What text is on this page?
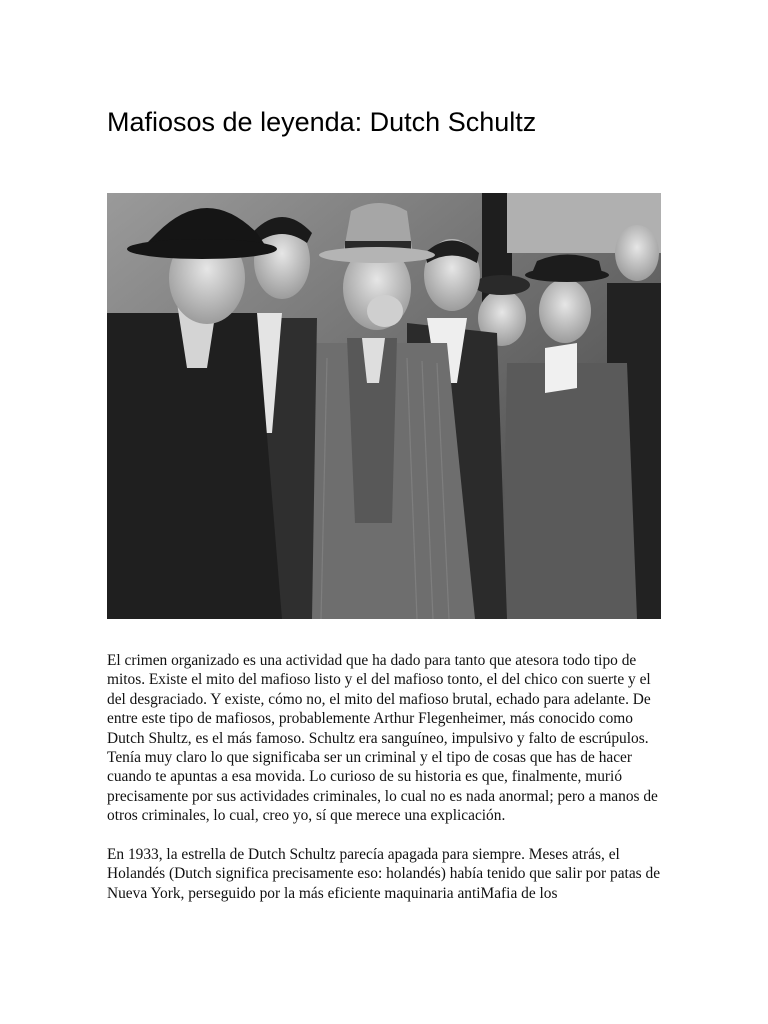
Mafiosos de leyenda: Dutch Schultz

El crimen organizado es una actividad que ha dado para tanto que atesora todo tipo de mitos. Existe el mito del mafioso listo y el del mafioso tonto, el del chico con suerte y el del desgraciado. Y existe, cómo no, el mito del mafioso brutal, echado para adelante. De entre este tipo de mafiosos, probablemente Arthur Flegenheimer, más conocido como Dutch Shultz, es el más famoso. Schultz era sanguíneo, impulsivo y falto de escrúpulos. Tenía muy claro lo que significaba ser un criminal y el tipo de cosas que has de hacer cuando te apuntas a esa movida. Lo curioso de su historia es que, finalmente, murió precisamente por sus actividades criminales, lo cual no es nada anormal; pero a manos de otros criminales, lo cual, creo yo, sí que merece una explicación.

En 1933, la estrella de Dutch Schultz parecía apagada para siempre. Meses atrás, el Holandés (Dutch significa precisamente eso: holandés) había tenido que salir por patas de Nueva York, perseguido por la más eficiente maquinaria antiMafia de los
